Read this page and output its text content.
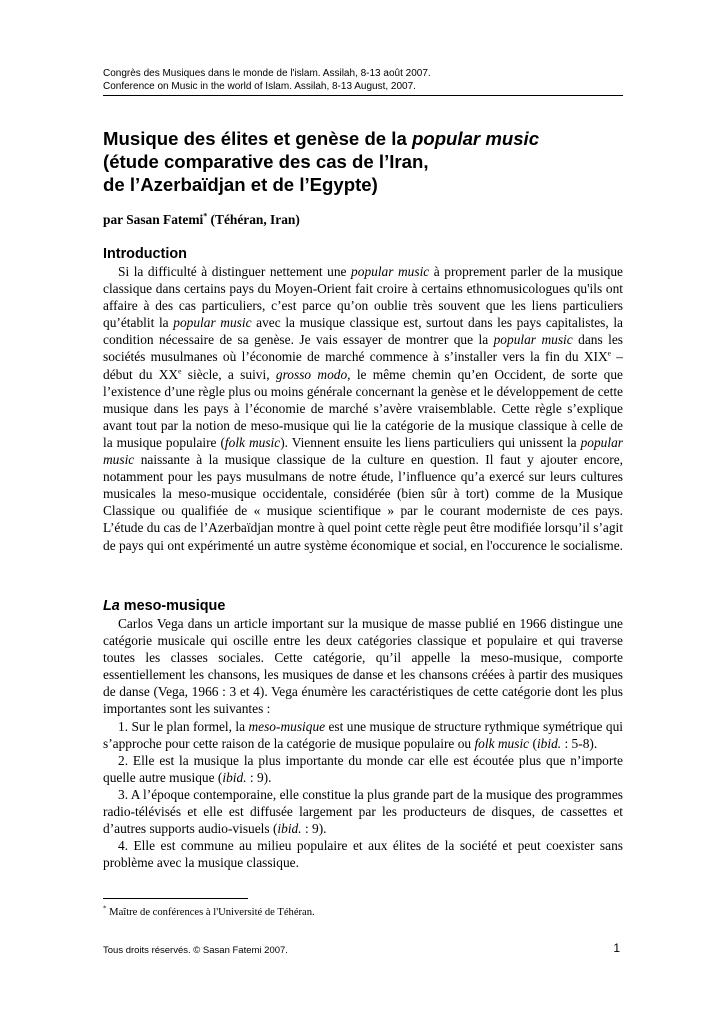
Congrès des Musiques dans le monde de l'islam. Assilah, 8-13 août 2007.
Conference on Music in the world of Islam. Assilah, 8-13 August, 2007.
Musique des élites et genèse de la popular music
(étude comparative des cas de l’Iran,
de l’Azerbaïdjan et de l’Egypte)

par Sasan Fatemi* (Téhéran, Iran)

Introduction

Si la difficulté à distinguer nettement une popular music à proprement parler de la musique classique dans certains pays du Moyen-Orient fait croire à certains ethnomusicologues qu'ils ont affaire à des cas particuliers, c’est parce qu’on oublie très souvent que les liens particuliers qu’établit la popular music avec la musique classique est, surtout dans les pays capitalistes, la condition nécessaire de sa genèse. Je vais essayer de montrer que la popular music dans les sociétés musulmanes où l’économie de marché commence à s’installer vers la fin du XIXe – début du XXe siècle, a suivi, grosso modo, le même chemin qu’en Occident, de sorte que l’existence d’une règle plus ou moins générale concernant la genèse et le développement de cette musique dans les pays à l’économie de marché s’avère vraisemblable. Cette règle s’explique avant tout par la notion de meso-musique qui lie la catégorie de la musique classique à celle de la musique populaire (folk music). Viennent ensuite les liens particuliers qui unissent la popular music naissante à la musique classique de la culture en question. Il faut y ajouter encore, notamment pour les pays musulmans de notre étude, l’influence qu’a exercé sur leurs cultures musicales la meso-musique occidentale, considérée (bien sûr à tort) comme de la Musique Classique ou qualifiée de « musique scientifique » par le courant moderniste de ces pays. L’étude du cas de l’Azerbaïdjan montre à quel point cette règle peut être modifiée lorsqu’il s’agit de pays qui ont expérimenté un autre système économique et social, en l'occurence le socialisme.

La meso-musique

Carlos Vega dans un article important sur la musique de masse publié en 1966 distingue une catégorie musicale qui oscille entre les deux catégories classique et populaire et qui traverse toutes les classes sociales. Cette catégorie, qu’il appelle la meso-musique, comporte essentiellement les chansons, les musiques de danse et les chansons créées à partir des musiques de danse (Vega, 1966 : 3 et 4). Vega énumère les caractéristiques de cette catégorie dont les plus importantes sont les suivantes :

1. Sur le plan formel, la meso-musique est une musique de structure rythmique symétrique qui s’approche pour cette raison de la catégorie de musique populaire ou folk music (ibid. : 5-8).

2. Elle est la musique la plus importante du monde car elle est écoutée plus que n’importe quelle autre musique (ibid. : 9).

3. A l’époque contemporaine, elle constitue la plus grande part de la musique des programmes radio-télévisés et elle est diffusée largement par les producteurs de disques, de cassettes et d’autres supports audio-visuels (ibid. : 9).

4. Elle est commune au milieu populaire et aux élites de la société et peut coexister sans problème avec la musique classique.

* Maître de conférences à l'Université de Téhéran.
Tous droits réservés. © Sasan Fatemi 2007.	1
